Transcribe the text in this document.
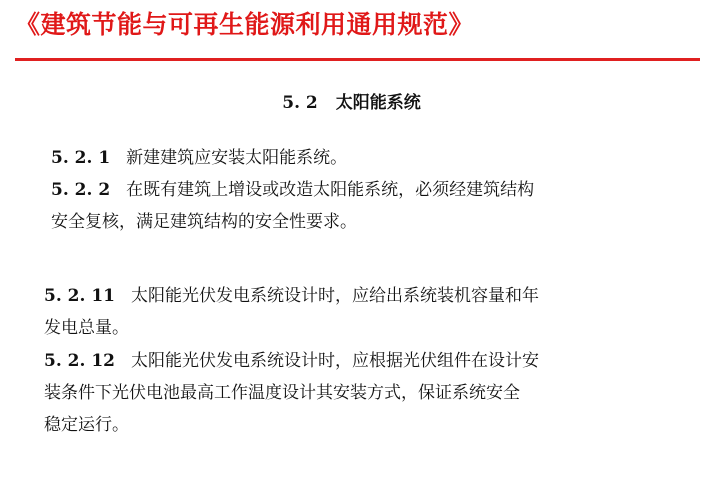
《建筑节能与可再生能源利用通用规范》
5. 2 太阳能系统
5. 2. 1 新建建筑应安装太阳能系统。
5. 2. 2 在既有建筑上增设或改造太阳能系统，必须经建筑结构
安全复核，满足建筑结构的安全性要求。
5. 2. 11 太阳能光伏发电系统设计时，应给出系统装机容量和年
发电总量。
5. 2. 12 太阳能光伏发电系统设计时，应根据光伏组件在设计安
装条件下光伏电池最高工作温度设计其安装方式，保证系统安全
稳定运行。
